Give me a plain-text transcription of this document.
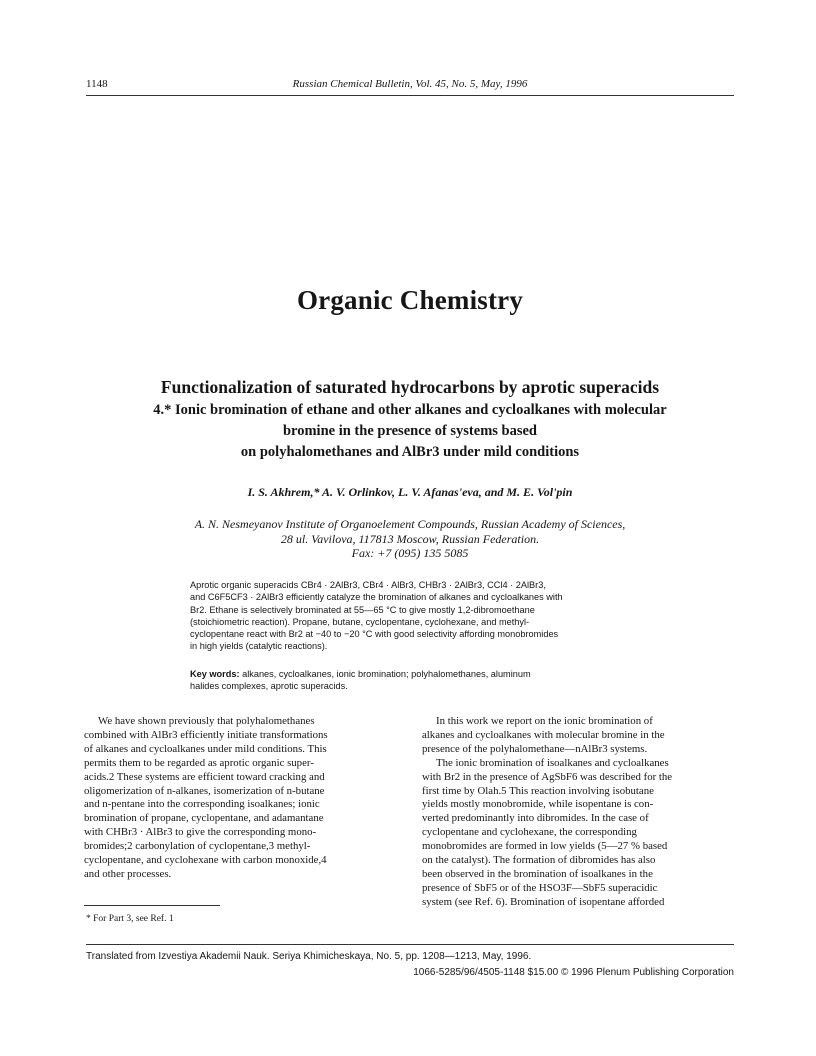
1148	Russian Chemical Bulletin, Vol. 45, No. 5, May, 1996
Organic Chemistry
Functionalization of saturated hydrocarbons by aprotic superacids
4.* Ionic bromination of ethane and other alkanes and cycloalkanes with molecular
bromine in the presence of systems based
on polyhalomethanes and AlBr3 under mild conditions
I. S. Akhrem,* A. V. Orlinkov, L. V. Afanas'eva, and M. E. Vol'pin
A. N. Nesmeyanov Institute of Organoelement Compounds, Russian Academy of Sciences,
28 ul. Vavilova, 117813 Moscow, Russian Federation.
Fax: +7 (095) 135 5085
Aprotic organic superacids CBr4 · 2AlBr3, CBr4 · AlBr3, CHBr3 · 2AlBr3, CCl4 · 2AlBr3,
and C6F5CF3 · 2AlBr3 efficiently catalyze the bromination of alkanes and cycloalkanes with
Br2. Ethane is selectively brominated at 55—65 °C to give mostly 1,2-dibromoethane
(stoichiometric reaction). Propane, butane, cyclopentane, cyclohexane, and methyl-
cyclopentane react with Br2 at −40 to −20 °C with good selectivity affording monobromides
in high yields (catalytic reactions).
Key words: alkanes, cycloalkanes, ionic bromination; polyhalomethanes, aluminum
halides complexes, aprotic superacids.
We have shown previously that polyhalomethanes
combined with AlBr3 efficiently initiate transformations
of alkanes and cycloalkanes under mild conditions. This
permits them to be regarded as aprotic organic super-
acids.2 These systems are efficient toward cracking and
oligomerization of n-alkanes, isomerization of n-butane
and n-pentane into the corresponding isoalkanes; ionic
bromination of propane, cyclopentane, and adamantane
with CHBr3 · AlBr3 to give the corresponding mono-
bromides;2 carbonylation of cyclopentane,3 methyl-
cyclopentane, and cyclohexane with carbon monoxide,4
and other processes.
In this work we report on the ionic bromination of
alkanes and cycloalkanes with molecular bromine in the
presence of the polyhalomethane—nAlBr3 systems.
The ionic bromination of isoalkanes and cycloalkanes
with Br2 in the presence of AgSbF6 was described for the
first time by Olah.5 This reaction involving isobutane
yields mostly monobromide, while isopentane is con-
verted predominantly into dibromides. In the case of
cyclopentane and cyclohexane, the corresponding
monobromides are formed in low yields (5—27 % based
on the catalyst). The formation of dibromides has also
been observed in the bromination of isoalkanes in the
presence of SbF5 or of the HSO3F—SbF5 superacidic
system (see Ref. 6). Bromination of isopentane afforded
* For Part 3, see Ref. 1
Translated from Izvestiya Akademii Nauk. Seriya Khimicheskaya, No. 5, pp. 1208—1213, May, 1996.
1066-5285/96/4505-1148 $15.00 © 1996 Plenum Publishing Corporation
